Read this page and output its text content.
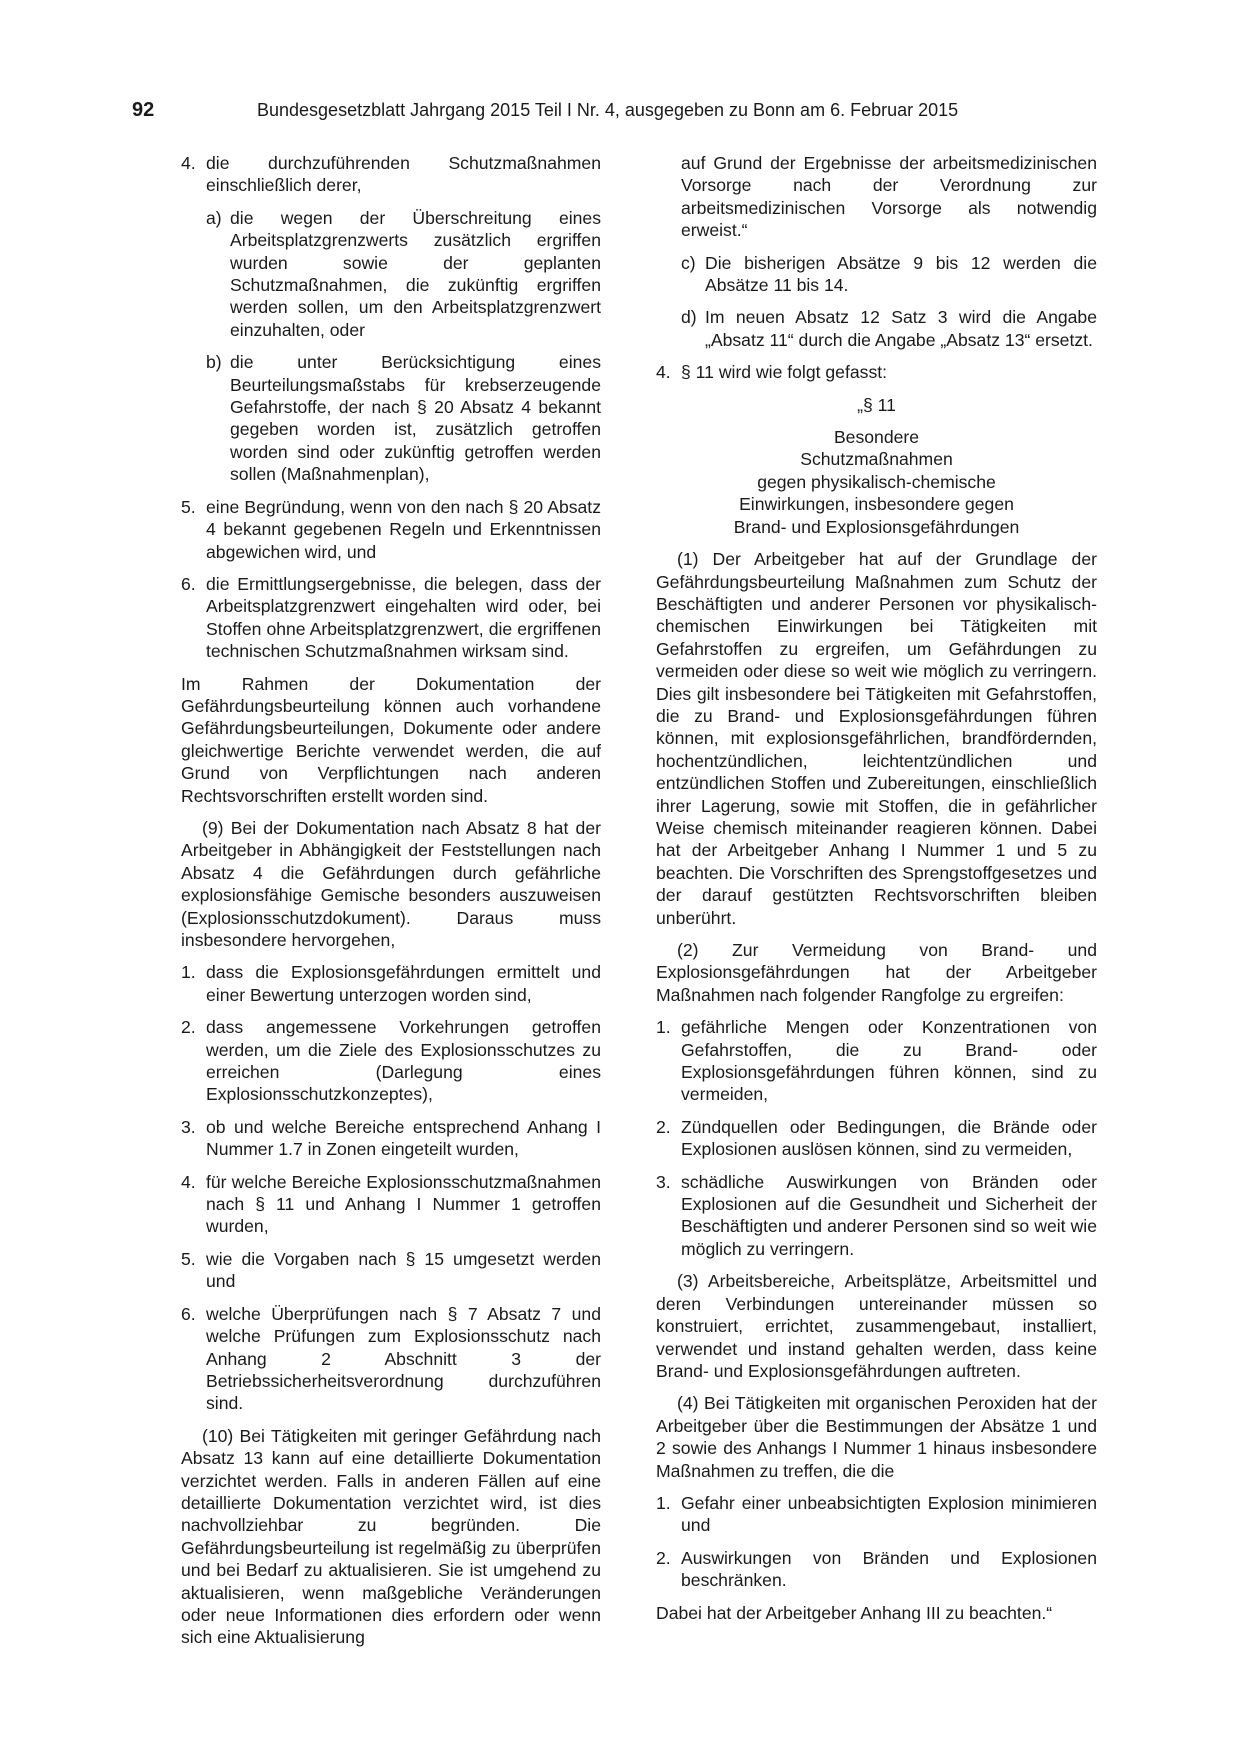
92	Bundesgesetzblatt Jahrgang 2015 Teil I Nr. 4, ausgegeben zu Bonn am 6. Februar 2015
4. die durchzuführenden Schutzmaßnahmen einschließlich derer,
a) die wegen der Überschreitung eines Arbeitsplatzgrenzwerts zusätzlich ergriffen wurden sowie der geplanten Schutzmaßnahmen, die zukünftig ergriffen werden sollen, um den Arbeitsplatzgrenzwert einzuhalten, oder
b) die unter Berücksichtigung eines Beurteilungsmaßstabs für krebserzeugende Gefahrstoffe, der nach § 20 Absatz 4 bekannt gegeben worden ist, zusätzlich getroffen worden sind oder zukünftig getroffen werden sollen (Maßnahmenplan),
5. eine Begründung, wenn von den nach § 20 Absatz 4 bekannt gegebenen Regeln und Erkenntnissen abgewichen wird, und
6. die Ermittlungsergebnisse, die belegen, dass der Arbeitsplatzgrenzwert eingehalten wird oder, bei Stoffen ohne Arbeitsplatzgrenzwert, die ergriffenen technischen Schutzmaßnahmen wirksam sind.

Im Rahmen der Dokumentation der Gefährdungsbeurteilung können auch vorhandene Gefährdungsbeurteilungen, Dokumente oder andere gleichwertige Berichte verwendet werden, die auf Grund von Verpflichtungen nach anderen Rechtsvorschriften erstellt worden sind.

(9) Bei der Dokumentation nach Absatz 8 hat der Arbeitgeber in Abhängigkeit der Feststellungen nach Absatz 4 die Gefährdungen durch gefährliche explosionsfähige Gemische besonders auszuweisen (Explosionsschutzdokument). Daraus muss insbesondere hervorgehen,

1. dass die Explosionsgefährdungen ermittelt und einer Bewertung unterzogen worden sind,
2. dass angemessene Vorkehrungen getroffen werden, um die Ziele des Explosionsschutzes zu erreichen (Darlegung eines Explosionsschutzkonzeptes),
3. ob und welche Bereiche entsprechend Anhang I Nummer 1.7 in Zonen eingeteilt wurden,
4. für welche Bereiche Explosionsschutzmaßnahmen nach § 11 und Anhang I Nummer 1 getroffen wurden,
5. wie die Vorgaben nach § 15 umgesetzt werden und
6. welche Überprüfungen nach § 7 Absatz 7 und welche Prüfungen zum Explosionsschutz nach Anhang 2 Abschnitt 3 der Betriebssicherheitsverordnung durchzuführen sind.

(10) Bei Tätigkeiten mit geringer Gefährdung nach Absatz 13 kann auf eine detaillierte Dokumentation verzichtet werden. Falls in anderen Fällen auf eine detaillierte Dokumentation verzichtet wird, ist dies nachvollziehbar zu begründen. Die Gefährdungsbeurteilung ist regelmäßig zu überprüfen und bei Bedarf zu aktualisieren. Sie ist umgehend zu aktualisieren, wenn maßgebliche Veränderungen oder neue Informationen dies erfordern oder wenn sich eine Aktualisierung

auf Grund der Ergebnisse der arbeitsmedizinischen Vorsorge nach der Verordnung zur arbeitsmedizinischen Vorsorge als notwendig erweist.“

c) Die bisherigen Absätze 9 bis 12 werden die Absätze 11 bis 14.
d) Im neuen Absatz 12 Satz 3 wird die Angabe „Absatz 11“ durch die Angabe „Absatz 13“ ersetzt.
4. § 11 wird wie folgt gefasst:

„§ 11

Besondere
Schutzmaßnahmen
gegen physikalisch-chemische
Einwirkungen, insbesondere gegen
Brand- und Explosionsgefährdungen

(1) Der Arbeitgeber hat auf der Grundlage der Gefährdungsbeurteilung Maßnahmen zum Schutz der Beschäftigten und anderer Personen vor physikalisch-chemischen Einwirkungen bei Tätigkeiten mit Gefahrstoffen zu ergreifen, um Gefährdungen zu vermeiden oder diese so weit wie möglich zu verringern. Dies gilt insbesondere bei Tätigkeiten mit Gefahrstoffen, die zu Brand- und Explosionsgefährdungen führen können, mit explosionsgefährlichen, brandfördernden, hochentzündlichen, leichtentzündlichen und entzündlichen Stoffen und Zubereitungen, einschließlich ihrer Lagerung, sowie mit Stoffen, die in gefährlicher Weise chemisch miteinander reagieren können. Dabei hat der Arbeitgeber Anhang I Nummer 1 und 5 zu beachten. Die Vorschriften des Sprengstoffgesetzes und der darauf gestützten Rechtsvorschriften bleiben unberührt.

(2) Zur Vermeidung von Brand- und Explosionsgefährdungen hat der Arbeitgeber Maßnahmen nach folgender Rangfolge zu ergreifen:

1. gefährliche Mengen oder Konzentrationen von Gefahrstoffen, die zu Brand- oder Explosionsgefährdungen führen können, sind zu vermeiden,
2. Zündquellen oder Bedingungen, die Brände oder Explosionen auslösen können, sind zu vermeiden,
3. schädliche Auswirkungen von Bränden oder Explosionen auf die Gesundheit und Sicherheit der Beschäftigten und anderer Personen sind so weit wie möglich zu verringern.

(3) Arbeitsbereiche, Arbeitsplätze, Arbeitsmittel und deren Verbindungen untereinander müssen so konstruiert, errichtet, zusammengebaut, installiert, verwendet und instand gehalten werden, dass keine Brand- und Explosionsgefährdungen auftreten.

(4) Bei Tätigkeiten mit organischen Peroxiden hat der Arbeitgeber über die Bestimmungen der Absätze 1 und 2 sowie des Anhangs I Nummer 1 hinaus insbesondere Maßnahmen zu treffen, die die

1. Gefahr einer unbeabsichtigten Explosion minimieren und
2. Auswirkungen von Bränden und Explosionen beschränken.

Dabei hat der Arbeitgeber Anhang III zu beachten.“
